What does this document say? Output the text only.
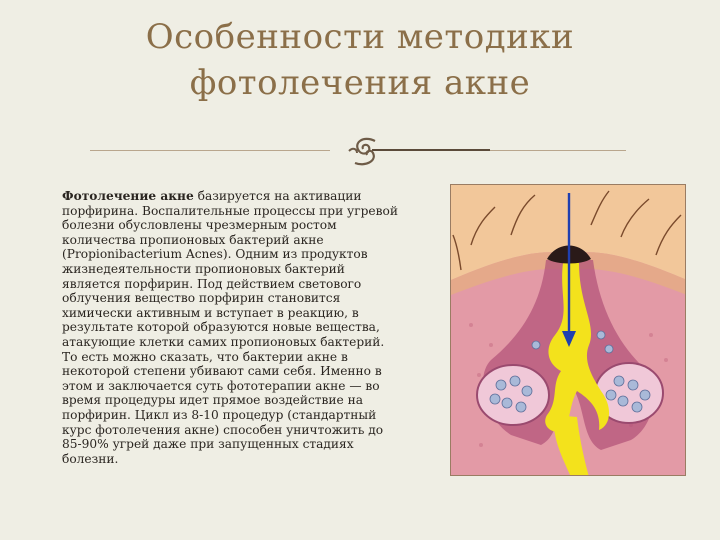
Особенности методики
фотолечения акне

Фотолечение акне базируется на активации порфирина. Воспалительные процессы при угревой болезни обусловлены чрезмерным ростом количества пропионовых бактерий акне (Propionibacterium Acnes). Одним из продуктов жизнедеятельности пропионовых бактерий является порфирин. Под действием светового облучения вещество порфирин становится химически активным и вступает в реакцию, в результате которой образуются новые вещества, атакующие клетки самих пропионовых бактерий. То есть можно сказать, что бактерии акне в некоторой степени убивают сами себя. Именно в этом и заключается суть фототерапии акне — во время процедуры идет прямое воздействие на порфирин. Цикл из 8-10 процедур (стандартный курс фотолечения акне) способен уничтожить до 85-90% угрей даже при запущенных стадиях болезни.
